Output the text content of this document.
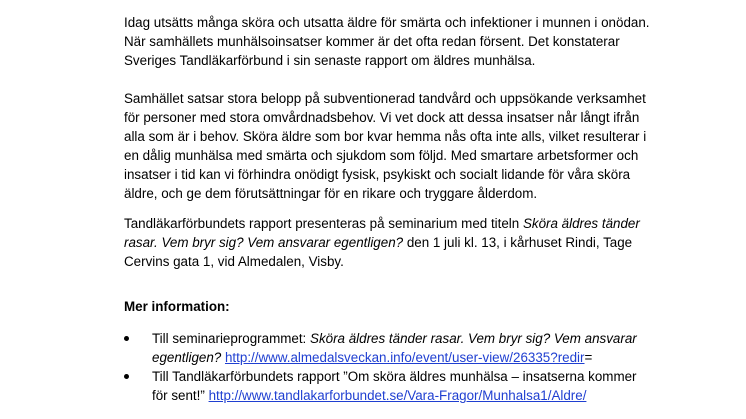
Idag utsätts många sköra och utsatta äldre för smärta och infektioner i munnen i onödan.
När samhällets munhälsoinsatser kommer är det ofta redan försent. Det konstaterar
Sveriges Tandläkarförbund i sin senaste rapport om äldres munhälsa.

Samhället satsar stora belopp på subventionerad tandvård och uppsökande verksamhet
för personer med stora omvårdnadsbehov. Vi vet dock att dessa insatser når långt ifrån
alla som är i behov. Sköra äldre som bor kvar hemma nås ofta inte alls, vilket resulterar i
en dålig munhälsa med smärta och sjukdom som följd. Med smartare arbetsformer och
insatser i tid kan vi förhindra onödigt fysisk, psykiskt och socialt lidande för våra sköra
äldre, och ge dem förutsättningar för en rikare och tryggare ålderdom.

Tandläkarförbundets rapport presenteras på seminarium med titeln Sköra äldres tänder
rasar. Vem bryr sig? Vem ansvarar egentligen? den 1 juli kl. 13, i kårhuset Rindi, Tage
Cervins gata 1, vid Almedalen, Visby.

Mer information:
Till seminarieprogrammet: Sköra äldres tänder rasar. Vem bryr sig? Vem ansvarar
egentligen? http://www.almedalsveckan.info/event/user-view/26335?redir=
Till Tandläkarförbundets rapport ”Om sköra äldres munhälsa – insatserna kommer
för sent!” http://www.tandlakarforbundet.se/Vara-Fragor/Munhalsa1/Aldre/
